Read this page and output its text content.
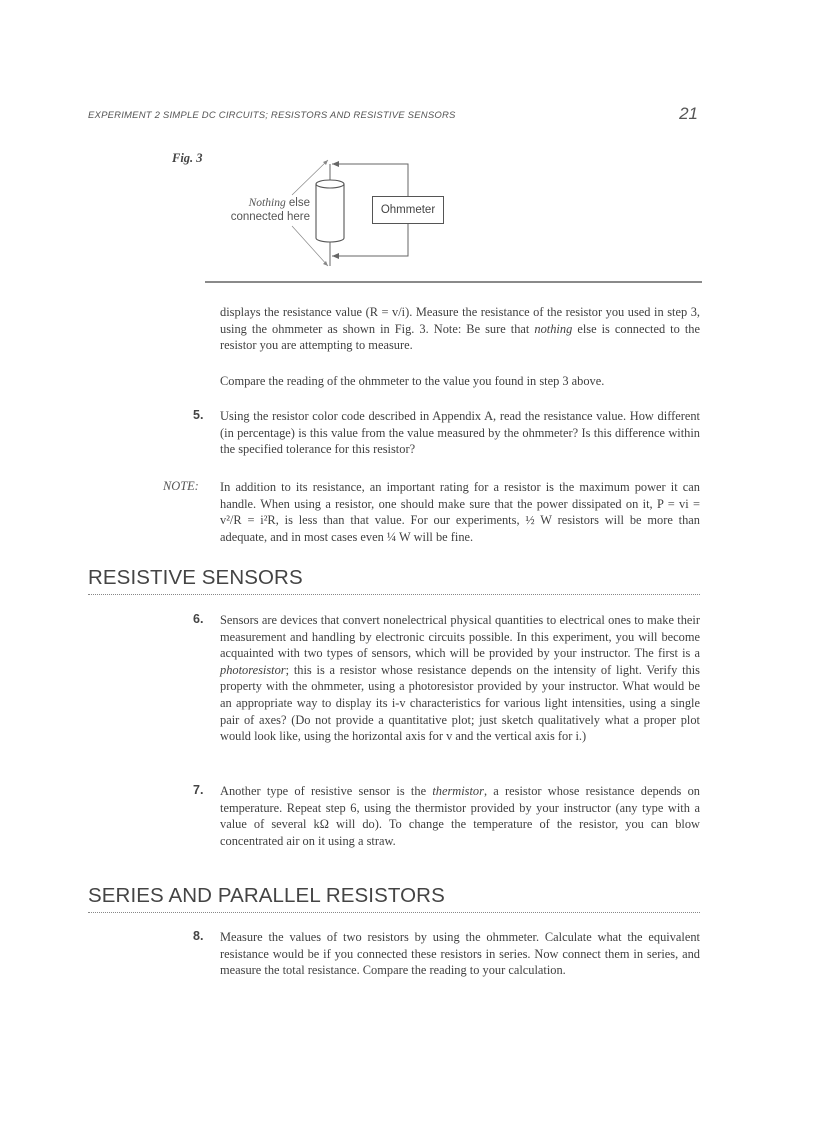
EXPERIMENT 2 SIMPLE DC CIRCUITS; RESISTORS AND RESISTIVE SENSORS	21
Fig. 3
Nothing else
connected here
Ohmmeter

displays the resistance value (R = v/i). Measure the resistance of the resistor you used in step 3, using the ohmmeter as shown in Fig. 3. Note: Be sure that nothing else is connected to the resistor you are attempting to measure.

Compare the reading of the ohmmeter to the value you found in step 3 above.

5. Using the resistor color code described in Appendix A, read the resistance value. How different (in percentage) is this value from the value measured by the ohmmeter? Is this difference within the specified tolerance for this resistor?

NOTE: In addition to its resistance, an important rating for a resistor is the maximum power it can handle. When using a resistor, one should make sure that the power dissipated on it, P = vi = v²/R = i²R, is less than that value. For our experiments, ½ W resistors will be more than adequate, and in most cases even ¼ W will be fine.

RESISTIVE SENSORS
6. Sensors are devices that convert nonelectrical physical quantities to electrical ones to make their measurement and handling by electronic circuits possible. In this experiment, you will become acquainted with two types of sensors, which will be provided by your instructor. The first is a photoresistor; this is a resistor whose resistance depends on the intensity of light. Verify this property with the ohmmeter, using a photoresistor provided by your instructor. What would be an appropriate way to display its i-v characteristics for various light intensities, using a single pair of axes? (Do not provide a quantitative plot; just sketch qualitatively what a proper plot would look like, using the horizontal axis for v and the vertical axis for i.)

7. Another type of resistive sensor is the thermistor, a resistor whose resistance depends on temperature. Repeat step 6, using the thermistor provided by your instructor (any type with a value of several kΩ will do). To change the temperature of the resistor, you can blow concentrated air on it using a straw.

SERIES AND PARALLEL RESISTORS
8. Measure the values of two resistors by using the ohmmeter. Calculate what the equivalent resistance would be if you connected these resistors in series. Now connect them in series, and measure the total resistance. Compare the reading to your calculation.
